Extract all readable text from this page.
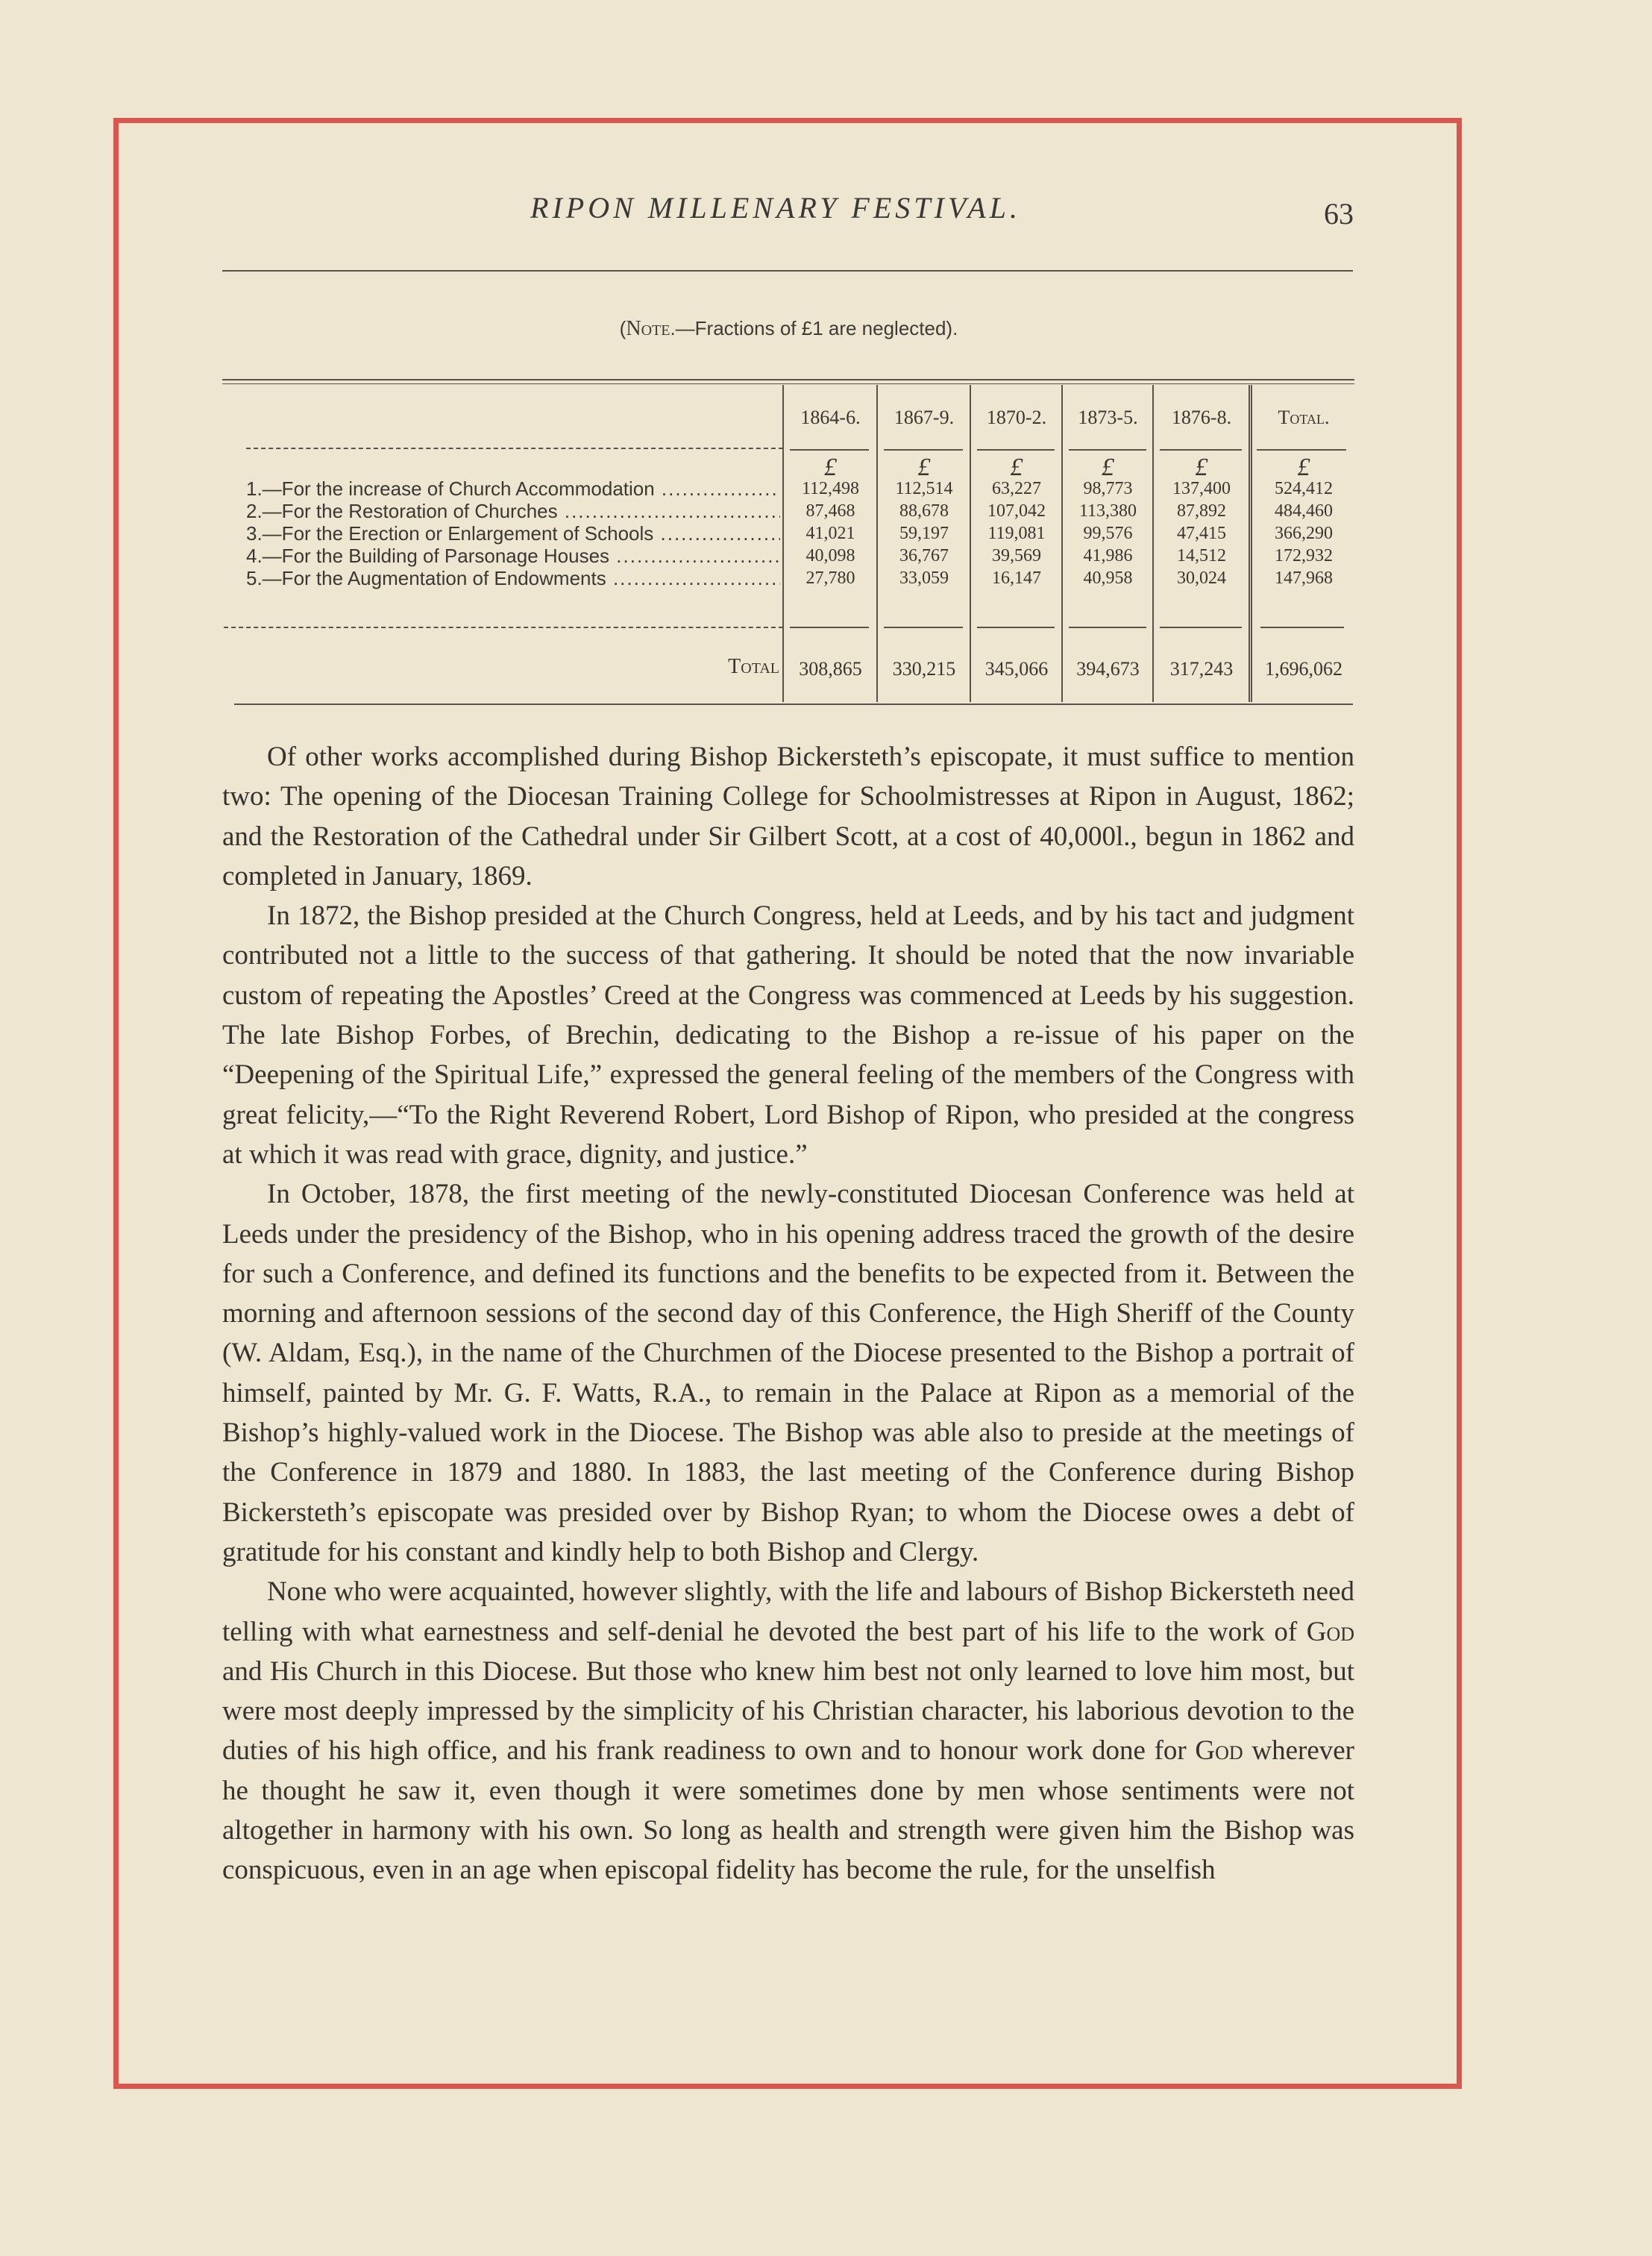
RIPON MILLENARY FESTIVAL.	63
(Note.—Fractions of £1 are neglected).
1864-6.	1867-9.	1870-2.	1873-5.	1876-8.	Total.
£	£	£	£	£	£
1.—For the increase of Church Accommodation .....	112,498	112,514	63,227	98,773	137,400	524,412
2.—For the Restoration of Churches .....	87,468	88,678	107,042	113,380	87,892	484,460
3.—For the Erection or Enlargement of Schools .....	41,021	59,197	119,081	99,576	47,415	366,290
4.—For the Building of Parsonage Houses .....	40,098	36,767	39,569	41,986	14,512	172,932
5.—For the Augmentation of Endowments .....	27,780	33,059	16,147	40,958	30,024	147,968
Total	308,865	330,215	345,066	394,673	317,243	1,696,062

Of other works accomplished during Bishop Bickersteth’s episcopate, it must suffice to mention two: The opening of the Diocesan Training College for Schoolmistresses at Ripon in August, 1862; and the Restoration of the Cathedral under Sir Gilbert Scott, at a cost of 40,000l., begun in 1862 and completed in January, 1869.

In 1872, the Bishop presided at the Church Congress, held at Leeds, and by his tact and judgment contributed not a little to the success of that gathering. It should be noted that the now invariable custom of repeating the Apostles’ Creed at the Congress was commenced at Leeds by his suggestion. The late Bishop Forbes, of Brechin, dedicating to the Bishop a re-issue of his paper on the “Deepening of the Spiritual Life,” expressed the general feeling of the members of the Congress with great felicity,—“To the Right Reverend Robert, Lord Bishop of Ripon, who presided at the congress at which it was read with grace, dignity, and justice.”

In October, 1878, the first meeting of the newly-constituted Diocesan Conference was held at Leeds under the presidency of the Bishop, who in his opening address traced the growth of the desire for such a Conference, and defined its functions and the benefits to be expected from it. Between the morning and afternoon sessions of the second day of this Conference, the High Sheriff of the County (W. Aldam, Esq.), in the name of the Churchmen of the Diocese presented to the Bishop a portrait of himself, painted by Mr. G. F. Watts, R.A., to remain in the Palace at Ripon as a memorial of the Bishop’s highly-valued work in the Diocese. The Bishop was able also to preside at the meetings of the Conference in 1879 and 1880. In 1883, the last meeting of the Conference during Bishop Bickersteth’s episcopate was presided over by Bishop Ryan; to whom the Diocese owes a debt of gratitude for his constant and kindly help to both Bishop and Clergy.

None who were acquainted, however slightly, with the life and labours of Bishop Bickersteth need telling with what earnestness and self-denial he devoted the best part of his life to the work of God and His Church in this Diocese. But those who knew him best not only learned to love him most, but were most deeply impressed by the simplicity of his Christian character, his laborious devotion to the duties of his high office, and his frank readiness to own and to honour work done for God wherever he thought he saw it, even though it were sometimes done by men whose sentiments were not altogether in harmony with his own. So long as health and strength were given him the Bishop was conspicuous, even in an age when episcopal fidelity has become the rule, for the unselfish
